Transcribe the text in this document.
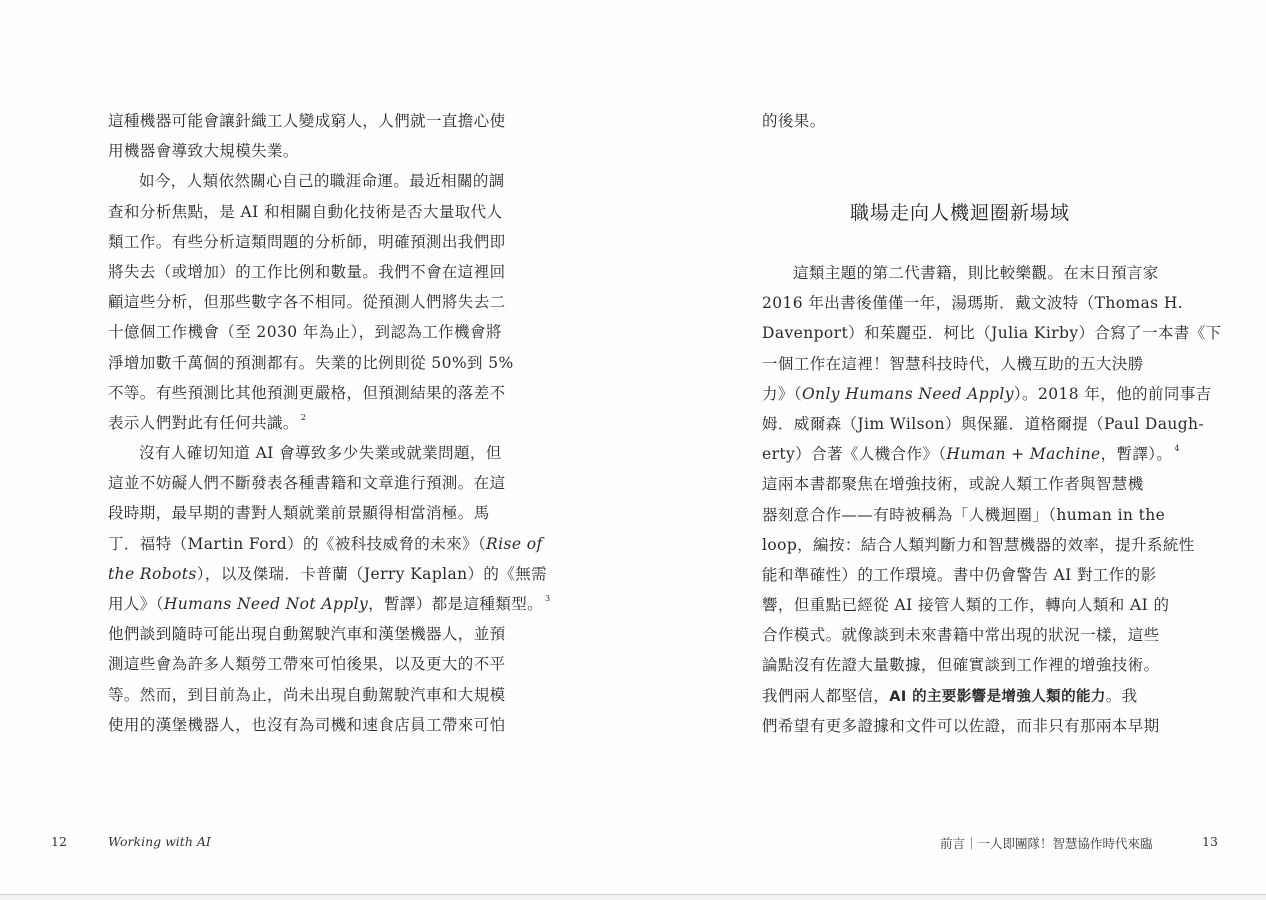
這種機器可能會讓針織工人變成窮人，人們就一直擔心使
用機器會導致大規模失業。
如今，人類依然關心自己的職涯命運。最近相關的調
查和分析焦點，是 AI 和相關自動化技術是否大量取代人
類工作。有些分析這類問題的分析師，明確預測出我們即
將失去（或增加）的工作比例和數量。我們不會在這裡回
顧這些分析，但那些數字各不相同。從預測人們將失去二
十億個工作機會（至 2030 年為止），到認為工作機會將
淨增加數千萬個的預測都有。失業的比例則從 50%到 5%
不等。有些預測比其他預測更嚴格，但預測結果的落差不
表示人們對此有任何共識。 $^2$
沒有人確切知道 AI 會導致多少失業或就業問題，但
這並不妨礙人們不斷發表各種書籍和文章進行預測。在這
段時期，最早期的書對人類就業前景顯得相當消極。馬
丁．福特（Martin Ford）的《被科技威脅的未來》（Rise of
the Robots），以及傑瑞．卡普蘭（Jerry Kaplan）的《無需
用人》（Humans Need Not Apply，暫譯）都是這種類型。 $^3$
他們談到隨時可能出現自動駕駛汽車和漢堡機器人，並預
測這些會為許多人類勞工帶來可怕後果，以及更大的不平
等。然而，到目前為止，尚未出現自動駕駛汽車和大規模
使用的漢堡機器人，也沒有為司機和速食店員工帶來可怕
12	Working with AI
的後果。
職場走向人機迴圈新場域
這類主題的第二代書籍，則比較樂觀。在末日預言家
2016 年出書後僅僅一年，湯瑪斯．戴文波特（Thomas H.
Davenport）和茱麗亞．柯比（Julia Kirby）合寫了一本書《下
一個工作在這裡！智慧科技時代，人機互助的五大決勝
力》（Only Humans Need Apply）。2018 年，他的前同事吉
姆．威爾森（Jim Wilson）與保羅．道格爾提（Paul Daugh-
erty）合著《人機合作》（Human + Machine，暫譯）。 $^4$
這兩本書都聚焦在增強技術，或說人類工作者與智慧機
器刻意合作——有時被稱為「人機迴圈」（human in the
loop，編按：結合人類判斷力和智慧機器的效率，提升系統性
能和準確性）的工作環境。書中仍會警告 AI 對工作的影
響，但重點已經從 AI 接管人類的工作，轉向人類和 AI 的
合作模式。就像談到未來書籍中常出現的狀況一樣，這些
論點沒有佐證大量數據，但確實談到工作裡的增強技術。
我們兩人都堅信，AI 的主要影響是增強人類的能力。我
們希望有更多證據和文件可以佐證，而非只有那兩本早期
前言｜一人即團隊！智慧協作時代來臨	13
